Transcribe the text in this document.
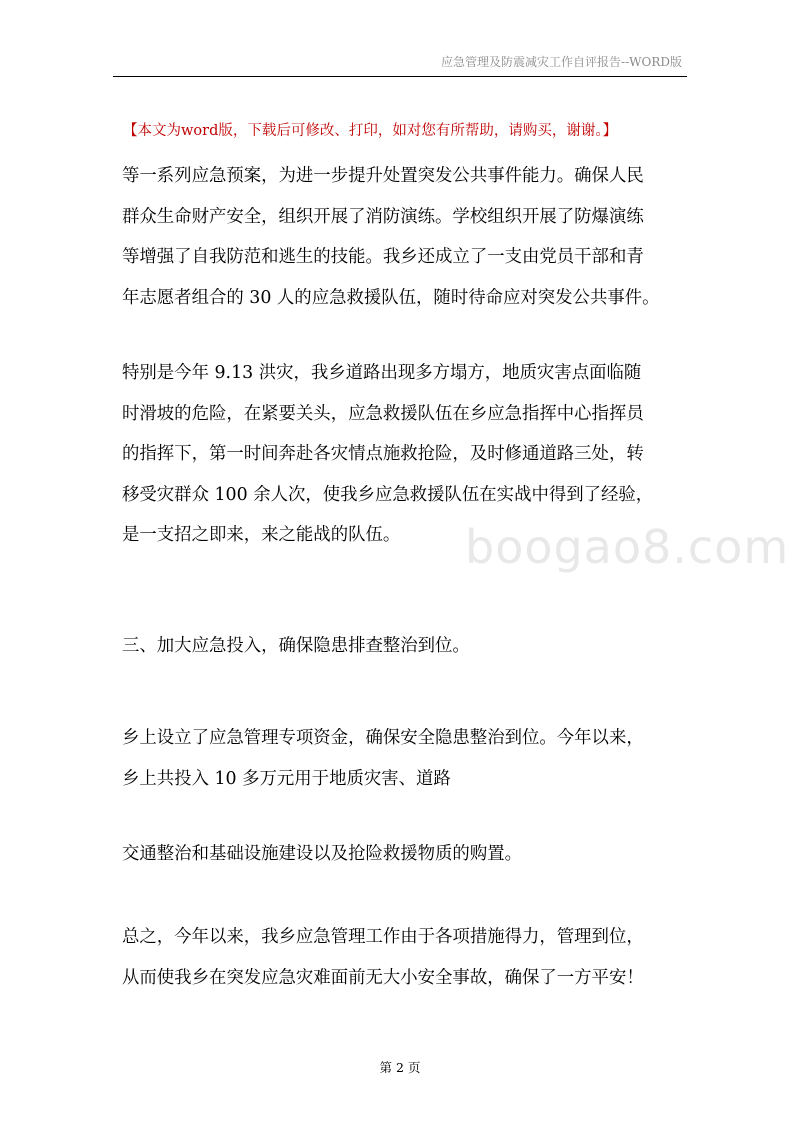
应急管理及防震减灾工作自评报告--WORD版
【本文为word版，下载后可修改、打印，如对您有所帮助，请购买，谢谢。】
boogao8.com
等一系列应急预案，为进一步提升处置突发公共事件能力。确保人民
群众生命财产安全，组织开展了消防演练。学校组织开展了防爆演练
等增强了自我防范和逃生的技能。我乡还成立了一支由党员干部和青
年志愿者组合的 30 人的应急救援队伍，随时待命应对突发公共事件。
特别是今年 9.13 洪灾，我乡道路出现多方塌方，地质灾害点面临随
时滑坡的危险，在紧要关头，应急救援队伍在乡应急指挥中心指挥员
的指挥下，第一时间奔赴各灾情点施救抢险，及时修通道路三处，转
移受灾群众 100 余人次，使我乡应急救援队伍在实战中得到了经验，
是一支招之即来，来之能战的队伍。
三、加大应急投入，确保隐患排查整治到位。
乡上设立了应急管理专项资金，确保安全隐患整治到位。今年以来，
乡上共投入 10 多万元用于地质灾害、道路
交通整治和基础设施建设以及抢险救援物质的购置。
总之，今年以来，我乡应急管理工作由于各项措施得力，管理到位，
从而使我乡在突发应急灾难面前无大小安全事故，确保了一方平安！
第 2 页
